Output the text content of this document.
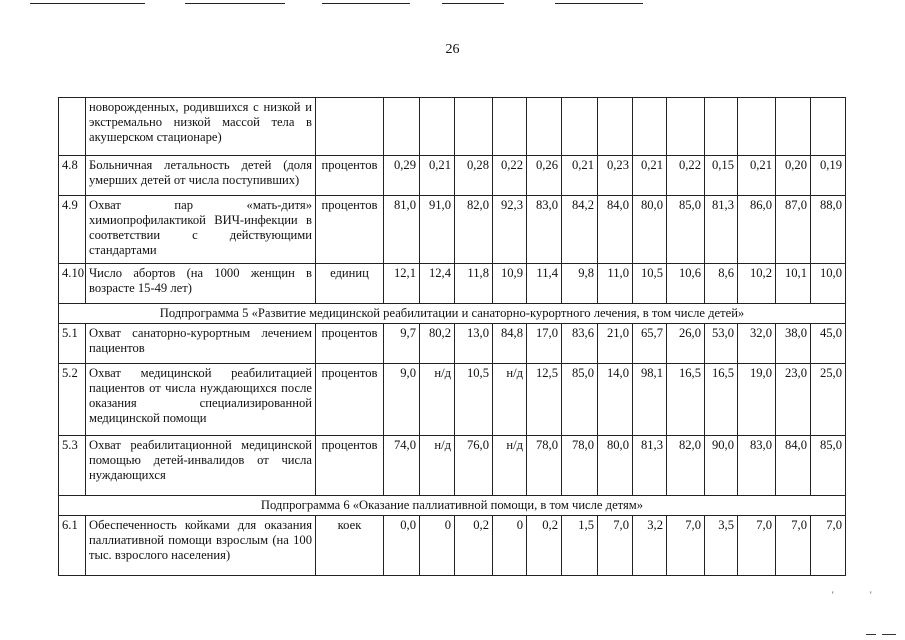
26
	новорожденных, родившихся с низкой и экстремально низкой массой тела в акушерском стационаре)														
4.8	Больничная летальность детей (доля умерших детей от числа поступивших)	процентов	0,29	0,21	0,28	0,22	0,26	0,21	0,23	0,21	0,22	0,15	0,21	0,20	0,19
4.9	Охват пар «мать-дитя» химиопрофилактикой ВИЧ-инфекции в соответствии с действующими стандартами	процентов	81,0	91,0	82,0	92,3	83,0	84,2	84,0	80,0	85,0	81,3	86,0	87,0	88,0
4.10	Число абортов (на 1000 женщин в возрасте 15-49 лет)	единиц	12,1	12,4	11,8	10,9	11,4	9,8	11,0	10,5	10,6	8,6	10,2	10,1	10,0
Подпрограмма 5 «Развитие медицинской реабилитации и санаторно-курортного лечения, в том числе детей»															
5.1	Охват санаторно-курортным лечением пациентов	процентов	9,7	80,2	13,0	84,8	17,0	83,6	21,0	65,7	26,0	53,0	32,0	38,0	45,0
5.2	Охват медицинской реабилитацией пациентов от числа нуждающихся после оказания специализированной медицинской помощи	процентов	9,0	н/д	10,5	н/д	12,5	85,0	14,0	98,1	16,5	16,5	19,0	23,0	25,0
5.3	Охват реабилитационной медицинской помощью детей-инвалидов от числа нуждающихся	процентов	74,0	н/д	76,0	н/д	78,0	78,0	80,0	81,3	82,0	90,0	83,0	84,0	85,0
Подпрограмма 6 «Оказание паллиативной помощи, в том числе детям»															
6.1	Обеспеченность койками для оказания паллиативной помощи взрослым (на 100 тыс. взрослого населения)	коек	0,0	0	0,2	0	0,2	1,5	7,0	3,2	7,0	3,5	7,0	7,0	7,0
'	'
